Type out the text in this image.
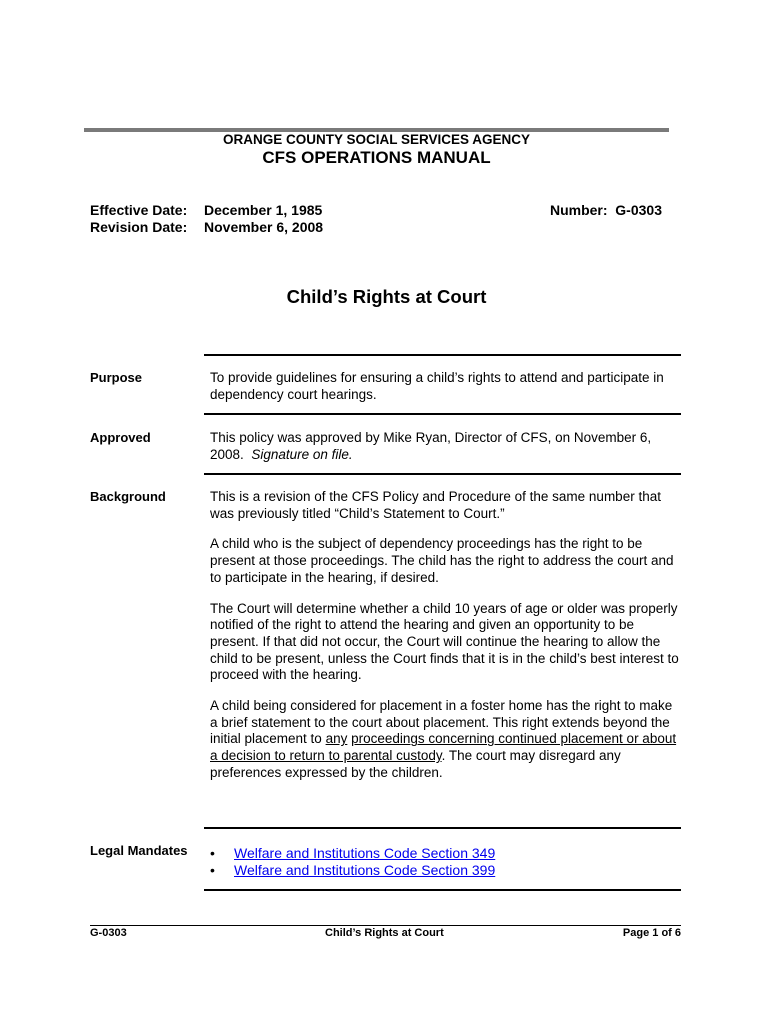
ORANGE COUNTY SOCIAL SERVICES AGENCY
CFS OPERATIONS MANUAL
Effective Date: December 1, 1985
Revision Date: November 6, 2008
Number: G-0303
Child’s Rights at Court
Purpose	To provide guidelines for ensuring a child’s rights to attend and participate in dependency court hearings.

Approved	This policy was approved by Mike Ryan, Director of CFS, on November 6, 2008. Signature on file.

Background	This is a revision of the CFS Policy and Procedure of the same number that was previously titled “Child’s Statement to Court.”

A child who is the subject of dependency proceedings has the right to be present at those proceedings. The child has the right to address the court and to participate in the hearing, if desired.

The Court will determine whether a child 10 years of age or older was properly notified of the right to attend the hearing and given an opportunity to be present. If that did not occur, the Court will continue the hearing to allow the child to be present, unless the Court finds that it is in the child’s best interest to proceed with the hearing.

A child being considered for placement in a foster home has the right to make a brief statement to the court about placement. This right extends beyond the initial placement to any proceedings concerning continued placement or about a decision to return to parental custody. The court may disregard any preferences expressed by the children.

Legal Mandates • Welfare and Institutions Code Section 349
• Welfare and Institutions Code Section 399
G-0303	Child’s Rights at Court	Page 1 of 6
